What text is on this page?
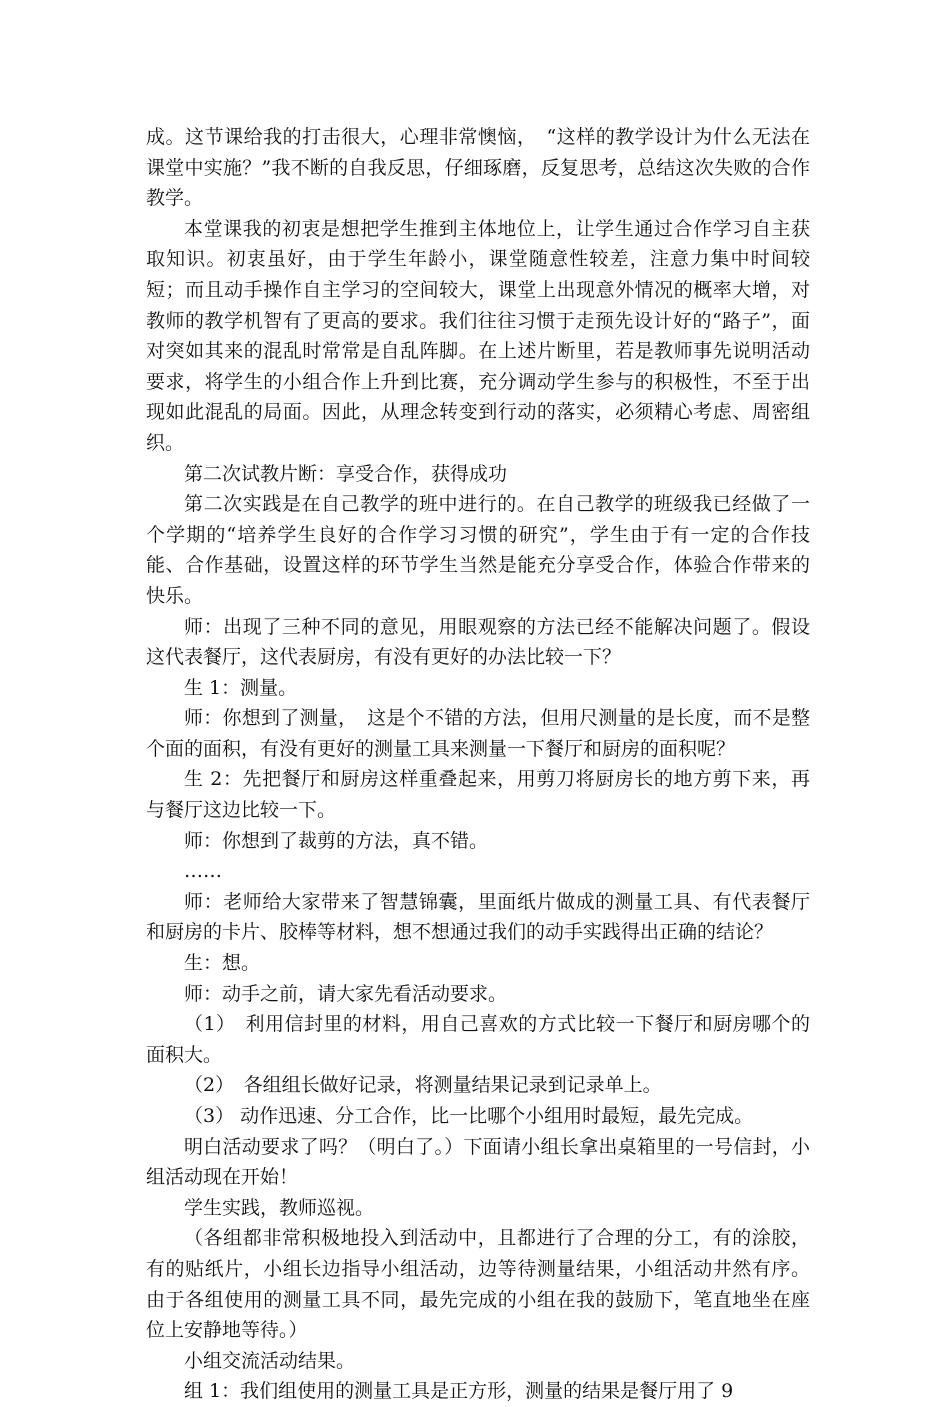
成。这节课给我的打击很大，心理非常懊恼，　“这样的教学设计为什么无法在课堂中实施？”我不断的自我反思，仔细琢磨，反复思考，总结这次失败的合作教学。

本堂课我的初衷是想把学生推到主体地位上，让学生通过合作学习自主获取知识。初衷虽好，由于学生年龄小，课堂随意性较差，注意力集中时间较短；而且动手操作自主学习的空间较大，课堂上出现意外情况的概率大增，对教师的教学机智有了更高的要求。我们往往习惯于走预先设计好的“路子”，面对突如其来的混乱时常常是自乱阵脚。在上述片断里，若是教师事先说明活动要求，将学生的小组合作上升到比赛，充分调动学生参与的积极性，不至于出现如此混乱的局面。因此，从理念转变到行动的落实，必须精心考虑、周密组织。

第二次试教片断：享受合作，获得成功

第二次实践是在自己教学的班中进行的。在自己教学的班级我已经做了一个学期的“培养学生良好的合作学习习惯的研究”，学生由于有一定的合作技能、合作基础，设置这样的环节学生当然是能充分享受合作，体验合作带来的快乐。

师：出现了三种不同的意见，用眼观察的方法已经不能解决问题了。假设这代表餐厅，这代表厨房，有没有更好的办法比较一下？

生 1：测量。

师：你想到了测量，　这是个不错的方法，但用尺测量的是长度，而不是整个面的面积，有没有更好的测量工具来测量一下餐厅和厨房的面积呢？

生 2：先把餐厅和厨房这样重叠起来，用剪刀将厨房长的地方剪下来，再与餐厅这边比较一下。

师：你想到了裁剪的方法，真不错。

……

师：老师给大家带来了智慧锦囊，里面纸片做成的测量工具、有代表餐厅和厨房的卡片、胶棒等材料，想不想通过我们的动手实践得出正确的结论？

生：想。

师：动手之前，请大家先看活动要求。

（1）　利用信封里的材料，用自己喜欢的方式比较一下餐厅和厨房哪个的面积大。

（2）　各组组长做好记录，将测量结果记录到记录单上。

（3） 动作迅速、分工合作，比一比哪个小组用时最短，最先完成。

明白活动要求了吗？（明白了。）下面请小组长拿出桌箱里的一号信封，小组活动现在开始！

学生实践，教师巡视。

（各组都非常积极地投入到活动中，且都进行了合理的分工，有的涂胶，有的贴纸片，小组长边指导小组活动，边等待测量结果，小组活动井然有序。由于各组使用的测量工具不同，最先完成的小组在我的鼓励下，笔直地坐在座位上安静地等待。）

小组交流活动结果。

组 1：我们组使用的测量工具是正方形，测量的结果是餐厅用了 9
